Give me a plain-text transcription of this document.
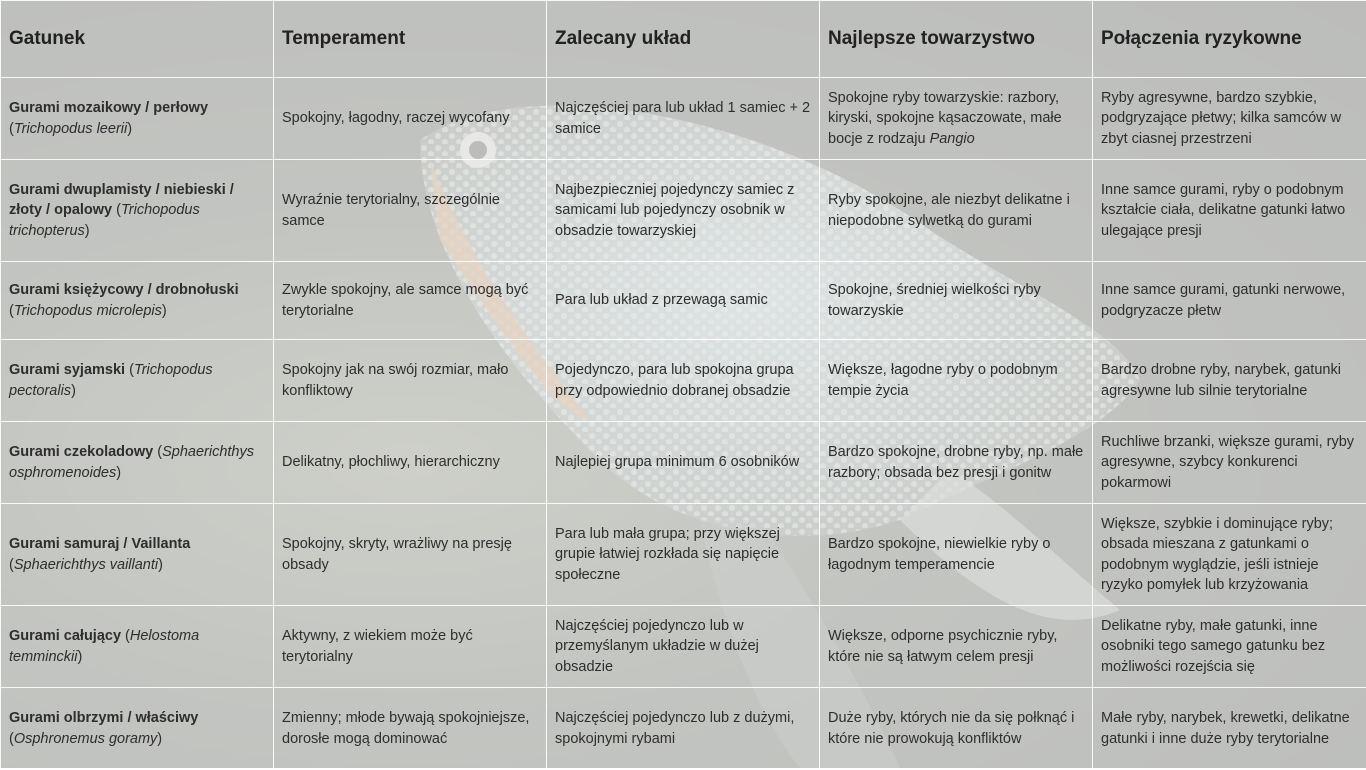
Gatunek	Temperament	Zalecany układ	Najlepsze towarzystwo	Połączenia ryzykowne
Gurami mozaikowy / perłowy (Trichopodus leerii)	Spokojny, łagodny, raczej wycofany	Najczęściej para lub układ 1 samiec + 2 samice	Spokojne ryby towarzyskie: razbory, kiryski, spokojne kąsaczowate, małe bocje z rodzaju Pangio	Ryby agresywne, bardzo szybkie, podgryzające płetwy; kilka samców w zbyt ciasnej przestrzeni
Gurami dwuplamisty / niebieski / złoty / opalowy (Trichopodus trichopterus)	Wyraźnie terytorialny, szczególnie samce	Najbezpieczniej pojedynczy samiec z samicami lub pojedynczy osobnik w obsadzie towarzyskiej	Ryby spokojne, ale niezbyt delikatne i niepodobne sylwetką do gurami	Inne samce gurami, ryby o podobnym kształcie ciała, delikatne gatunki łatwo ulegające presji
Gurami księżycowy / drobnołuski (Trichopodus microlepis)	Zwykle spokojny, ale samce mogą być terytorialne	Para lub układ z przewagą samic	Spokojne, średniej wielkości ryby towarzyskie	Inne samce gurami, gatunki nerwowe, podgryzacze płetw
Gurami syjamski (Trichopodus pectoralis)	Spokojny jak na swój rozmiar, mało konfliktowy	Pojedynczo, para lub spokojna grupa przy odpowiednio dobranej obsadzie	Większe, łagodne ryby o podobnym tempie życia	Bardzo drobne ryby, narybek, gatunki agresywne lub silnie terytorialne
Gurami czekoladowy (Sphaerichthys osphromenoides)	Delikatny, płochliwy, hierarchiczny	Najlepiej grupa minimum 6 osobników	Bardzo spokojne, drobne ryby, np. małe razbory; obsada bez presji i gonitw	Ruchliwe brzanki, większe gurami, ryby agresywne, szybcy konkurenci pokarmowi
Gurami samuraj / Vaillanta (Sphaerichthys vaillanti)	Spokojny, skryty, wrażliwy na presję obsady	Para lub mała grupa; przy większej grupie łatwiej rozkłada się napięcie społeczne	Bardzo spokojne, niewielkie ryby o łagodnym temperamencie	Większe, szybkie i dominujące ryby; obsada mieszana z gatunkami o podobnym wyglądzie, jeśli istnieje ryzyko pomyłek lub krzyżowania
Gurami całujący (Helostoma temminckii)	Aktywny, z wiekiem może być terytorialny	Najczęściej pojedynczo lub w przemyślanym układzie w dużej obsadzie	Większe, odporne psychicznie ryby, które nie są łatwym celem presji	Delikatne ryby, małe gatunki, inne osobniki tego samego gatunku bez możliwości rozejścia się
Gurami olbrzymi / właściwy (Osphronemus goramy)	Zmienny; młode bywają spokojniejsze, dorosłe mogą dominować	Najczęściej pojedynczo lub z dużymi, spokojnymi rybami	Duże ryby, których nie da się połknąć i które nie prowokują konfliktów	Małe ryby, narybek, krewetki, delikatne gatunki i inne duże ryby terytorialne
